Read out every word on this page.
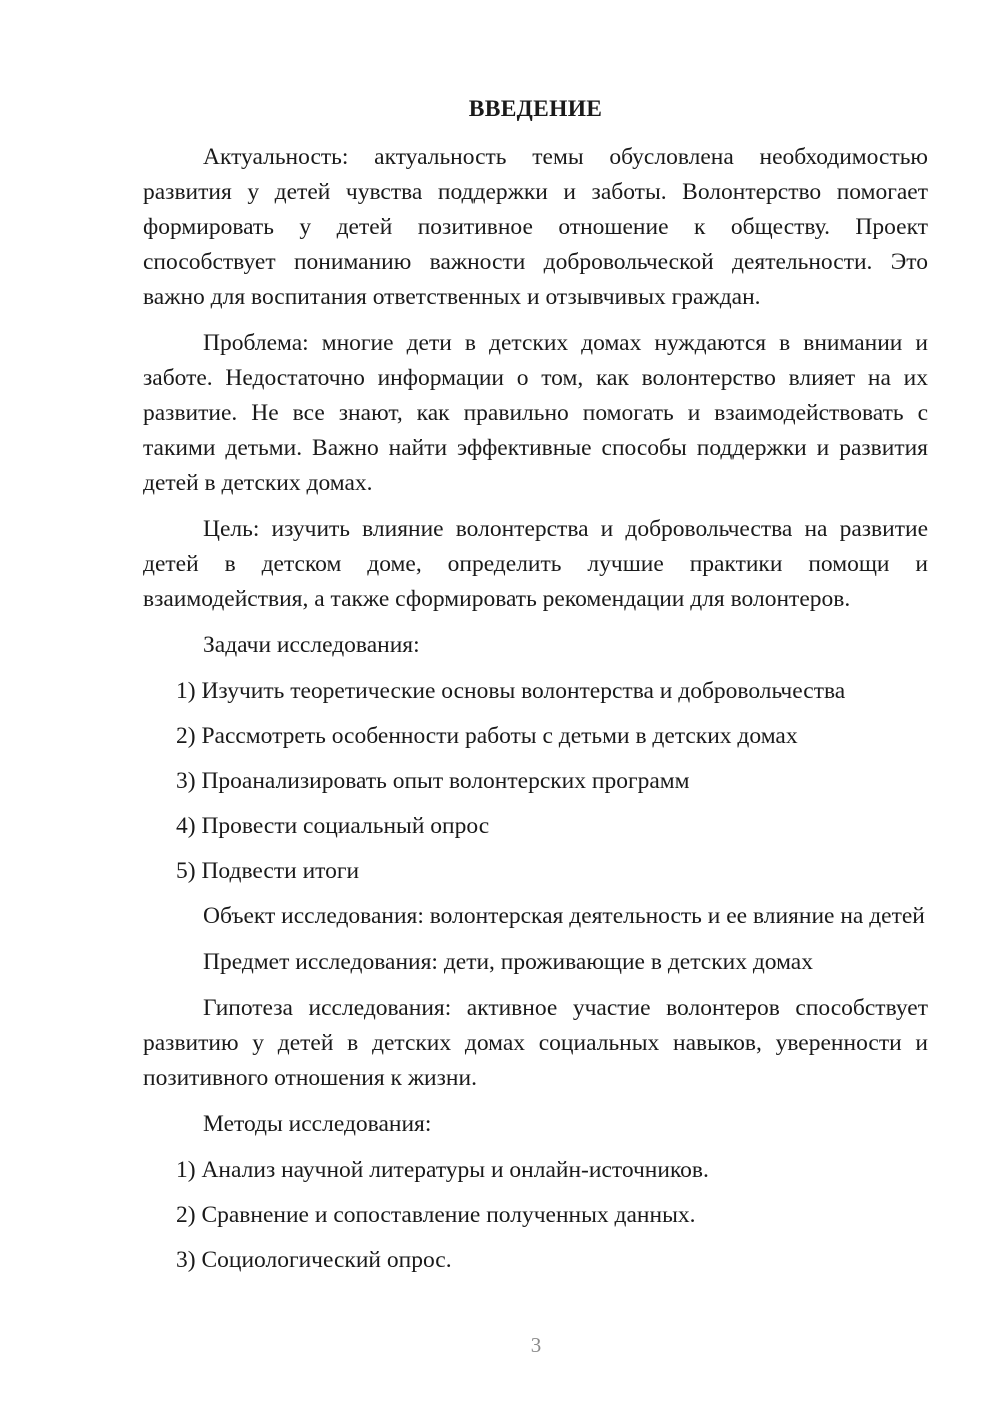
ВВЕДЕНИЕ

Актуальность: актуальность темы обусловлена необходимостью развития у детей чувства поддержки и заботы. Волонтерство помогает формировать у детей позитивное отношение к обществу. Проект способствует пониманию важности добровольческой деятельности. Это важно для воспитания ответственных и отзывчивых граждан.

Проблема: многие дети в детских домах нуждаются в внимании и заботе. Недостаточно информации о том, как волонтерство влияет на их развитие. Не все знают, как правильно помогать и взаимодействовать с такими детьми. Важно найти эффективные способы поддержки и развития детей в детских домах.

Цель: изучить влияние волонтерства и добровольчества на развитие детей в детском доме, определить лучшие практики помощи и взаимодействия, а также сформировать рекомендации для волонтеров.

Задачи исследования:

1) Изучить теоретические основы волонтерства и добровольчества
2) Рассмотреть особенности работы с детьми в детских домах
3) Проанализировать опыт волонтерских программ
4) Провести социальный опрос
5) Подвести итоги

Объект исследования: волонтерская деятельность и ее влияние на детей

Предмет исследования: дети, проживающие в детских домах

Гипотеза исследования: активное участие волонтеров способствует развитию у детей в детских домах социальных навыков, уверенности и позитивного отношения к жизни.

Методы исследования:

1) Анализ научной литературы и онлайн-источников.
2) Сравнение и сопоставление полученных данных.
3) Социологический опрос.
3
